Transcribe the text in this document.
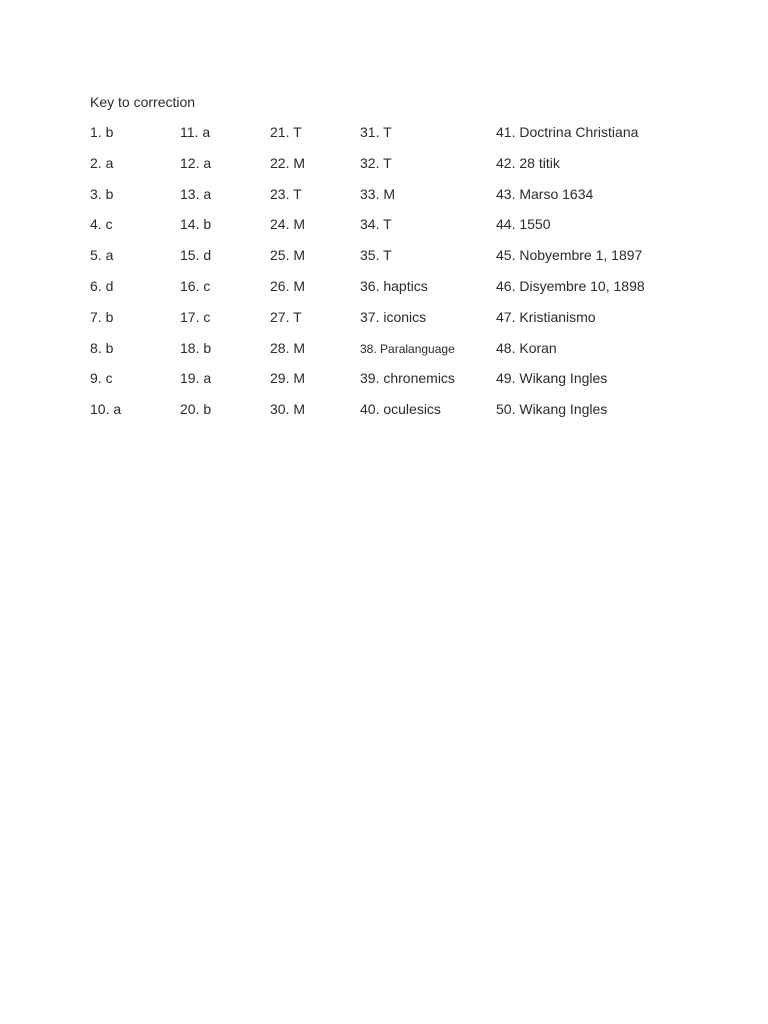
Key to correction
1. b	11. a	21. T	31. T	41. Doctrina Christiana
2. a	12. a	22. M	32. T	42. 28 titik
3. b	13. a	23. T	33. M	43. Marso 1634
4. c	14. b	24. M	34. T	44. 1550
5. a	15. d	25. M	35. T	45. Nobyembre 1, 1897
6. d	16. c	26. M	36. haptics	46. Disyembre 10, 1898
7. b	17. c	27. T	37. iconics	47. Kristianismo
8. b	18. b	28. M	38. Paralanguage	48. Koran
9. c	19. a	29. M	39. chronemics	49. Wikang Ingles
10. a	20. b	30. M	40. oculesics	50. Wikang Ingles
